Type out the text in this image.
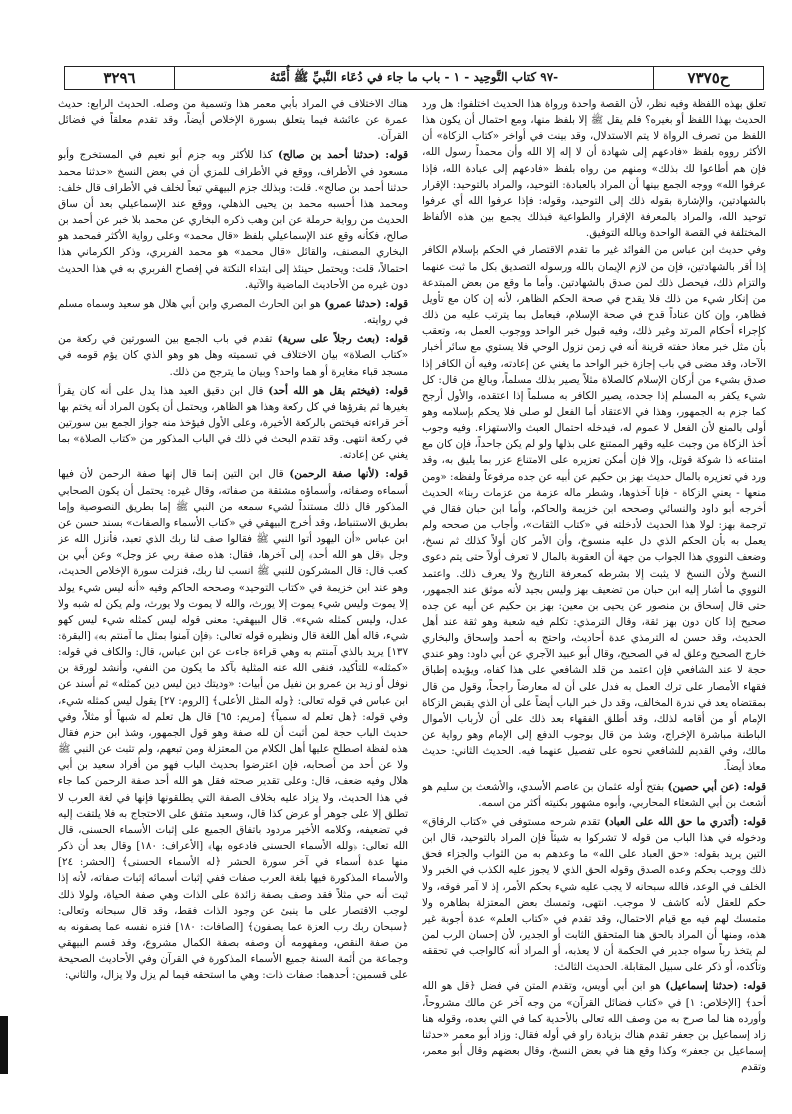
ح٧٣٧٥
-٩٧ كتاب التَّوحِيد - ١ - باب ما جاء في دُعَاء النَّبيِّ ﷺ أُمَّتَهُ
٣٢٩٦

تعلق بهذه اللفظة وفيه نظر، لأن القصة واحدة ورواة هذا الحديث اختلفوا: هل ورد الحديث بهذا اللفظ أو بغيره؟ فلم يقل ﷺ إلا بلفظ منها، ومع احتمال أن يكون هذا اللفظ من تصرف الرواة لا يتم الاستدلال، وقد بينت في أواخر «كتاب الزكاة» أن الأكثر رووه بلفظ «فادعهم إلى شهادة أن لا إله إلا الله وأن محمداً رسول الله، فإن هم أطاعوا لك بذلك» ومنهم من رواه بلفظ «فادعهم إلى عبادة الله، فإذا عرفوا الله» ووجه الجمع بينها أن المراد بالعبادة: التوحيد، والمراد بالتوحيد: الإقرار بالشهادتين، والإشارة بقوله ذلك إلى التوحيد، وقوله: فإذا عرفوا الله أي عرفوا توحيد الله، والمراد بالمعرفة الإقرار والطواعية فبذلك يجمع بين هذه الألفاظ المختلفة في القصة الواحدة وبالله التوفيق.

وفي حديث ابن عباس من الفوائد غير ما تقدم الاقتصار في الحكم بإسلام الكافر إذا أقر بالشهادتين، فإن من لازم الإيمان بالله ورسوله التصديق بكل ما ثبت عنهما والتزام ذلك، فيحصل ذلك لمن صدق بالشهادتين. وأما ما وقع من بعض المبتدعة من إنكار شيء من ذلك فلا يقدح في صحة الحكم الظاهر، لأنه إن كان مع تأويل فظاهر، وإن كان عناداً قدح في صحة الإسلام، فيعامل بما يترتب عليه من ذلك كإجراء أحكام المرتد وغير ذلك، وفيه قبول خبر الواحد ووجوب العمل به، وتعقب بأن مثل خبر معاذ حفته قرينة أنه في زمن نزول الوحي فلا يستوي مع سائر أخبار الآحاد، وقد مضى في باب إجازة خبر الواحد ما يغني عن إعادته، وفيه أن الكافر إذا صدق بشيء من أركان الإسلام كالصلاة مثلاً يصير بذلك مسلماً، وبالغ من قال: كل شيء يكفر به المسلم إذا جحده، يصير الكافر به مسلماً إذا اعتقده، والأول أرجح كما جزم به الجمهور، وهذا في الاعتقاد أما الفعل لو صلى فلا يحكم بإسلامه وهو أولى بالمنع لأن الفعل لا عموم له، فيدخله احتمال العبث والاستهزاء. وفيه وجوب أخذ الزكاة من وجبت عليه وقهر الممتنع على بذلها ولو لم يكن جاحداً، فإن كان مع امتناعه ذا شوكة قوتل، وإلا فإن أمكن تعزيره على الامتناع عزر بما يليق به، وقد ورد في تعزيره بالمال حديث بهز بن حكيم عن أبيه عن جده مرفوعاً ولفظه: «ومن منعها - يعني الزكاة - فإنا آخذوها، وشطر ماله عزمة من عزمات ربنا» الحديث أخرجه أبو داود والنسائي وصححه ابن خزيمة والحاكم، وأما ابن حبان فقال في ترجمة بهز: لولا هذا الحديث لأدخلته في «كتاب الثقات»، وأجاب من صححه ولم يعمل به بأن الحكم الذي دل عليه منسوخ، وأن الأمر كان أولاً كذلك ثم نسخ، وضعف النووي هذا الجواب من جهة أن العقوبة بالمال لا تعرف أولاً حتى يتم دعوى النسخ ولأن النسخ لا يثبت إلا بشرطه كمعرفة التاريخ ولا يعرف ذلك. واعتمد النووي ما أشار إليه ابن حبان من تضعيف بهز وليس بجيد لأنه موثق عند الجمهور، حتى قال إسحاق بن منصور عن يحيى بن معين: بهز بن حكيم عن أبيه عن جده صحيح إذا كان دون بهز ثقة، وقال الترمذي: تكلم فيه شعبة وهو ثقة عند أهل الحديث، وقد حسن له الترمذي عدة أحاديث، واحتج به أحمد وإسحاق والبخاري خارج الصحيح وعلق له في الصحيح، وقال أبو عبيد الآجري عن أبي داود: وهو عندي حجة لا عند الشافعي فإن اعتمد من قلد الشافعي على هذا كفاه، ويؤيده إطباق فقهاء الأمصار على ترك العمل به فدل على أن له معارضاً راجحاً، وقول من قال بمقتضاه يعد في ندرة المخالف، وقد دل خبر الباب أيضاً على أن الذي يقبض الزكاة الإمام أو من أقامه لذلك، وقد أطلق الفقهاء بعد ذلك على أن لأرباب الأموال الباطنة مباشرة الإخراج، وشذ من قال بوجوب الدفع إلى الإمام وهو رواية عن مالك، وفي القديم للشافعي نحوه على تفصيل عنهما فيه. الحديث الثاني: حديث معاذ أيضاً.

قوله: (عن أبي حصين) بفتح أوله عثمان بن عاصم الأسدي، والأشعث بن سليم هو أشعث بن أبي الشعثاء المحاربي، وأبوه مشهور بكنيته أكثر من اسمه.

قوله: (أتدري ما حق الله على العباد) تقدم شرحه مستوفى في «كتاب الرقاق» ودخوله في هذا الباب من قوله لا تشركوا به شيئاً فإن المراد بالتوحيد، قال ابن التين يريد بقوله: «حق العباد على الله» ما وعدهم به من الثواب والجزاء فحق ذلك ووجب بحكم وعده الصدق وقوله الحق الذي لا يجوز عليه الكذب في الخبر ولا الخلف في الوعد، فالله سبحانه لا يجب عليه شيء بحكم الأمر، إذ لا آمر فوقه، ولا حكم للعقل لأنه كاشف لا موجب. انتهى، وتمسك بعض المعتزلة بظاهره ولا متمسك لهم فيه مع قيام الاحتمال، وقد تقدم في «كتاب العلم» عدة أجوبة غير هذه، ومنها أن المراد بالحق هنا المتحقق الثابت أو الجدير، لأن إحسان الرب لمن لم يتخذ رباً سواه جدير في الحكمة أن لا يعذبه، أو المراد أنه كالواجب في تحققه وتأكده، أو ذكر على سبيل المقابلة. الحديث الثالث:

قوله: (حدثنا إسماعيل) هو ابن أبي أويس، وتقدم المتن في فضل ﴿قل هو الله أحد﴾ [الإخلاص: ١] في «كتاب فضائل القرآن» من وجه آخر عن مالك مشروحاً، وأورده هنا لما صرح به من وصف الله تعالى بالأحدية كما في التي بعده، وقوله هنا زاد إسماعيل بن جعفر تقدم هناك بزيادة راو في أوله فقال: وزاد أبو معمر «حدثنا إسماعيل بن جعفر» وكذا وقع هنا في بعض النسخ، وقال بعضهم وقال أبو معمر، وتقدم

هناك الاختلاف في المراد بأبي معمر هذا وتسمية من وصله. الحديث الرابع: حديث عمرة عن عائشة فيما يتعلق بسورة الإخلاص أيضاً، وقد تقدم معلقاً في فضائل القرآن.

قوله: (حدثنا أحمد بن صالح) كذا للأكثر وبه جزم أبو نعيم في المستخرج وأبو مسعود في الأطراف، ووقع في الأطراف للمزي أن في بعض النسخ «حدثنا محمد حدثنا أحمد بن صالح». قلت: وبذلك جزم البيهقي تبعاً لخلف في الأطراف قال خلف: ومحمد هذا أحسبه محمد بن يحيى الذهلي، ووقع عند الإسماعيلي بعد أن ساق الحديث من رواية حرملة عن ابن وهب ذكره البخاري عن محمد بلا خبر عن أحمد بن صالح، فكأنه وقع عند الإسماعيلي بلفظ «قال محمد» وعلى رواية الأكثر فمحمد هو البخاري المصنف، والقائل «قال محمد» هو محمد الفربري، وذكر الكرماني هذا احتمالاً، قلت: ويحتمل حينئذ إلى ابتداء النكتة في إفصاح الفربري به في هذا الحديث دون غيره من الأحاديث الماضية والآتية.

قوله: (حدثنا عمرو) هو ابن الحارث المصري وابن أبي هلال هو سعيد وسماه مسلم في روايته.

قوله: (بعث رجلاً على سرية) تقدم في باب الجمع بين السورتين في ركعة من «كتاب الصلاة» بيان الاختلاف في تسميته وهل هو وهو الذي كان يؤم قومه في مسجد قباء مغايرة أو هما واحد؟ وبيان ما يترجح من ذلك.

قوله: (فيختم بقل هو الله أحد) قال ابن دقيق العيد هذا يدل على أنه كان يقرأ بغيرها ثم يقرؤها في كل ركعة وهذا هو الظاهر، ويحتمل أن يكون المراد أنه يختم بها آخر قراءته فيختص بالركعة الأخيرة، وعلى الأول فيؤخذ منه جواز الجمع بين سورتين في ركعة انتهى. وقد تقدم البحث في ذلك في الباب المذكور من «كتاب الصلاة» بما يغني عن إعادته.

قوله: (لأنها صفة الرحمن) قال ابن التين إنما قال إنها صفة الرحمن لأن فيها أسماءه وصفاته، وأسماؤه مشتقة من صفاته، وقال غيره: يحتمل أن يكون الصحابي المذكور قال ذلك مستنداً لشيء سمعه من النبي ﷺ إما بطريق النصوصية وإما بطريق الاستنباط، وقد أخرج البيهقي في «كتاب الأسماء والصفات» بسند حسن عن ابن عباس «أن اليهود أتوا النبي ﷺ فقالوا صف لنا ربك الذي تعبد، فأنزل الله عز وجل ﴿قل هو الله أحد﴾ إلى آخرها، فقال: هذه صفة ربي عز وجل» وعن أبي بن كعب قال: قال المشركون للنبي ﷺ انسب لنا ربك، فنزلت سورة الإخلاص الحديث، وهو عند ابن خزيمة في «كتاب التوحيد» وصححه الحاكم وفيه «أنه ليس شيء يولد إلا يموت وليس شيء يموت إلا يورث، والله لا يموت ولا يورث، ولم يكن له شبه ولا عدل، وليس كمثله شيء». قال البيهقي: معنى قوله ليس كمثله شيء ليس كهو شيء، قاله أهل اللغة قال ونظيره قوله تعالى: ﴿فإن آمنوا بمثل ما آمنتم به﴾ [البقرة: ١٣٧] يريد بالذي آمنتم به وهي قراءة جاءت عن ابن عباس، قال: والكاف في قوله: «كمثله» للتأكيد، فنفى الله عنه المثلية بآكد ما يكون من النفي، وأنشد لورقة بن نوفل أو زيد بن عمرو بن نفيل من أبيات: «وديتك دين ليس دين كمثله» ثم أسند عن ابن عباس في قوله تعالى: ﴿وله المثل الأعلى﴾ [الروم: ٢٧] يقول ليس كمثله شيء، وفي قوله: ﴿هل تعلم له سمياً﴾ [مريم: ٦٥] قال هل تعلم له شبهاً أو مثلاً، وفي حديث الباب حجة لمن أثبت أن لله صفة وهو قول الجمهور، وشذ ابن حزم فقال هذه لفظة اصطلح عليها أهل الكلام من المعتزلة ومن تبعهم، ولم تثبت عن النبي ﷺ ولا عن أحد من أصحابه، فإن اعترضوا بحديث الباب فهو من أفراد سعيد بن أبي هلال وفيه ضعف، قال: وعلى تقدير صحته فقل هو الله أحد صفة الرحمن كما جاء في هذا الحديث، ولا يزاد عليه بخلاف الصفة التي يطلقونها فإنها في لغة العرب لا تطلق إلا على جوهر أو عرض كذا قال، وسعيد متفق على الاحتجاج به فلا يلتفت إليه في تضعيفه، وكلامه الأخير مردود باتفاق الجميع على إثبات الأسماء الحسنى، قال الله تعالى: ﴿ولله الأسماء الحسنى فادعوه بها﴾ [الأعراف: ١٨٠] وقال بعد أن ذكر منها عدة أسماء في آخر سورة الحشر ﴿له الأسماء الحسنى﴾ [الحشر: ٢٤] والأسماء المذكورة فيها بلغة العرب صفات ففي إثبات أسمائه إثبات صفاته، لأنه إذا ثبت أنه حي مثلاً فقد وصف بصفة زائدة على الذات وهي صفة الحياة، ولولا ذلك لوجب الاقتصار على ما ينبئ عن وجود الذات فقط، وقد قال سبحانه وتعالى: ﴿سبحان ربك رب العزة عما يصفون﴾ [الصافات: ١٨٠] فنزه نفسه عما يصفونه به من صفة النقص، ومفهومه أن وصفه بصفة الكمال مشروع، وقد قسم البيهقي وجماعة من أئمة السنة جميع الأسماء المذكورة في القرآن وفي الأحاديث الصحيحة على قسمين: أحدهما: صفات ذات: وهي ما استحقه فيما لم يزل ولا يزال، والثاني:
